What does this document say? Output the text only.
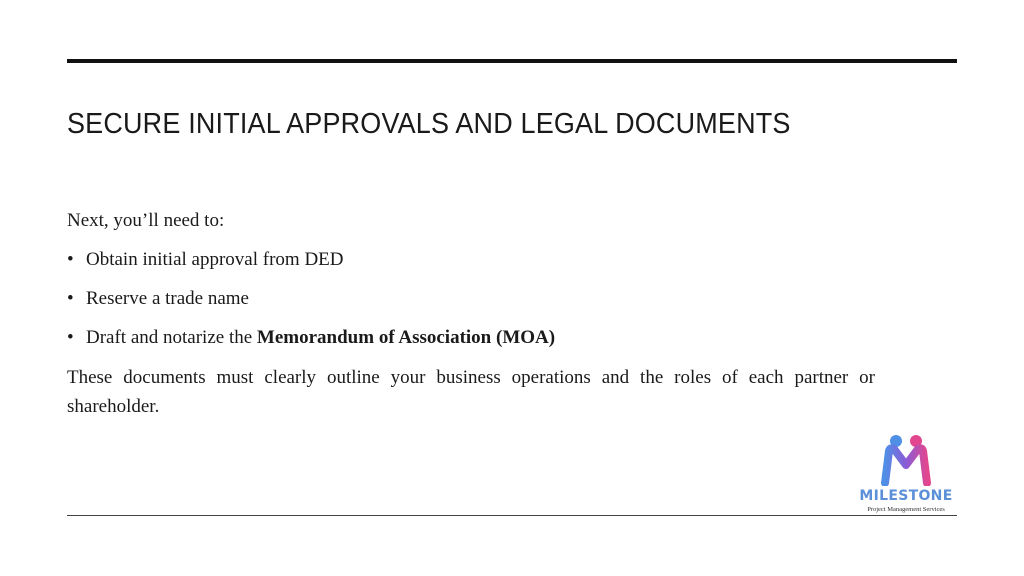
SECURE INITIAL APPROVALS AND LEGAL DOCUMENTS

Next, you’ll need to:

• Obtain initial approval from DED
• Reserve a trade name
• Draft and notarize the Memorandum of Association (MOA)

These documents must clearly outline your business operations and the roles of each partner or shareholder.

MILESTONE
Project Management Services
